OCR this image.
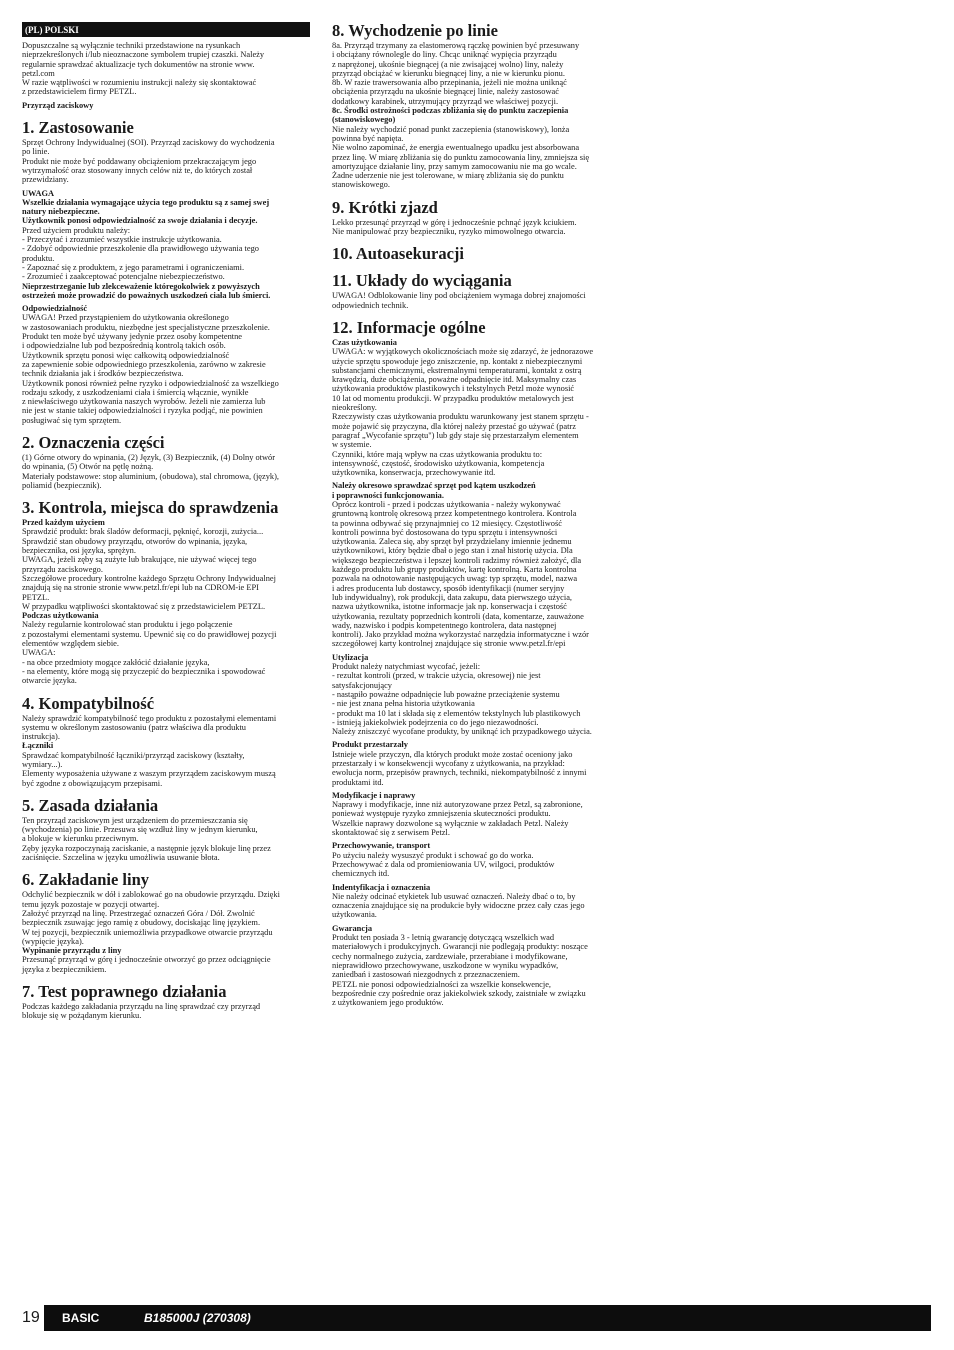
(PL) POLSKI
Dopuszczalne są wyłącznie techniki przedstawione na rysunkach
nieprzekreślonych i/lub nieoznaczone symbolem trupiej czaszki. Należy
regularnie sprawdzać aktualizacje tych dokumentów na stronie www.
petzl.com
W razie wątpliwości w rozumieniu instrukcji należy się skontaktować
z przedstawicielem firmy PETZL.
Przyrząd zaciskowy
1. Zastosowanie
Sprzęt Ochrony Indywidualnej (SOI). Przyrząd zaciskowy do wychodzenia
po linie.
Produkt nie może być poddawany obciążeniom przekraczającym jego
wytrzymałość oraz stosowany innych celów niż te, do których został
przewidziany.
UWAGA
Wszelkie działania wymagające użycia tego produktu są z samej swej
natury niebezpieczne.
Użytkownik ponosi odpowiedzialność za swoje działania i decyzje.
Przed użyciem produktu należy:
- Przeczytać i zrozumieć wszystkie instrukcje użytkowania.
- Zdobyć odpowiednie przeszkolenie dla prawidłowego używania tego
produktu.
- Zapoznać się z produktem, z jego parametrami i ograniczeniami.
- Zrozumieć i zaakceptować potencjalne niebezpieczeństwo.
Nieprzestrzeganie lub zlekceważenie któregokolwiek z powyższych
ostrzeżeń może prowadzić do poważnych uszkodzeń ciała lub śmierci.
Odpowiedzialność
UWAGA! Przed przystąpieniem do użytkowania określonego
w zastosowaniach produktu, niezbędne jest specjalistyczne przeszkolenie.
Produkt ten może być używany jedynie przez osoby kompetentne
i odpowiedzialne lub pod bezpośrednią kontrolą takich osób.
Użytkownik sprzętu ponosi więc całkowitą odpowiedzialność
za zapewnienie sobie odpowiedniego przeszkolenia, zarówno w zakresie
technik działania jak i środków bezpieczeństwa.
Użytkownik ponosi również pełne ryzyko i odpowiedzialność za wszelkiego
rodzaju szkody, z uszkodzeniami ciała i śmiercią włącznie, wynikłe
z niewłaściwego użytkowania naszych wyrobów. Jeżeli nie zamierza lub
nie jest w stanie takiej odpowiedzialności i ryzyka podjąć, nie powinien
posługiwać się tym sprzętem.
2. Oznaczenia części
(1) Górne otwory do wpinania, (2) Język, (3) Bezpiecznik, (4) Dolny otwór
do wpinania, (5) Otwór na pętlę nożną.
Materiały podstawowe: stop aluminium, (obudowa), stal chromowa, (język),
poliamid (bezpiecznik).
3. Kontrola, miejsca do sprawdzenia
Przed każdym użyciem
Sprawdzić produkt: brak śladów deformacji, pęknięć, korozji, zużycia...
Sprawdzić stan obudowy przyrządu, otworów do wpinania, języka,
bezpiecznika, osi języka, sprężyn.
UWAGA, jeżeli zęby są zużyte lub brakujące, nie używać więcej tego
przyrządu zaciskowego.
Szczegółowe procedury kontrolne każdego Sprzętu Ochrony Indywidualnej
znajdują się na stronie stronie www.petzl.fr/epi lub na CDROM-ie EPI
PETZL.
W przypadku wątpliwości skontaktować się z przedstawicielem PETZL.
Podczas użytkowania
Należy regularnie kontrolować stan produktu i jego połączenie
z pozostałymi elementami systemu. Upewnić się co do prawidłowej pozycji
elementów względem siebie.
UWAGA:
- na obce przedmioty mogące zakłócić działanie języka,
- na elementy, które mogą się przyczepić do bezpiecznika i spowodować
otwarcie języka.
4. Kompatybilność
Należy sprawdzić kompatybilność tego produktu z pozostałymi elementami
systemu w określonym zastosowaniu (patrz właściwa dla produktu
instrukcja).
Łączniki
Sprawdzać kompatybilność łączniki/przyrząd zaciskowy (kształty,
wymiary...).
Elementy wyposażenia używane z waszym przyrządem zaciskowym muszą
być zgodne z obowiązującym przepisami.
5. Zasada działania
Ten przyrząd zaciskowym jest urządzeniem do przemieszczania się
(wychodzenia) po linie. Przesuwa się wzdłuż liny w jednym kierunku,
a blokuje w kierunku przeciwnym.
Zęby języka rozpoczynają zaciskanie, a następnie język blokuje linę przez
zaciśnięcie. Szczelina w języku umożliwia usuwanie błota.
6. Zakładanie liny
Odchylić bezpiecznik w dół i zablokować go na obudowie przyrządu. Dzięki
temu język pozostaje w pozycji otwartej.
Założyć przyrząd na linę. Przestrzegać oznaczeń Góra / Dół. Zwolnić
bezpiecznik zsuwając jego ramię z obudowy, dociskając linę językiem.
W tej pozycji, bezpiecznik uniemożliwia przypadkowe otwarcie przyrządu
(wypięcie języka).
Wypinanie przyrządu z liny
Przesunąć przyrząd w górę i jednocześnie otworzyć go przez odciągnięcie
języka z bezpiecznikiem.
7. Test poprawnego działania
Podczas każdego zakładania przyrządu na linę sprawdzać czy przyrząd
blokuje się w pożądanym kierunku.
8. Wychodzenie po linie
8a. Przyrząd trzymany za elastomerową rączkę powinien być przesuwany
i obciążany równolegle do liny. Chcąc uniknąć wypięcia przyrządu
z naprężonej, ukośnie biegnącej (a nie zwisającej wolno) liny, należy
przyrząd obciążać w kierunku biegnącej liny, a nie w kierunku pionu.
8b. W razie trawersowania albo przepinania, jeżeli nie można uniknąć
obciążenia przyrządu na ukośnie biegnącej linie, należy zastosować
dodatkowy karabinek, utrzymujący przyrząd we właściwej pozycji.
8c. Środki ostrożności podczas zbliżania się do punktu zaczepienia
(stanowiskowego)
Nie należy wychodzić ponad punkt zaczepienia (stanowiskowy), lonża
powinna być napięta.
Nie wolno zapominać, że energia ewentualnego upadku jest absorbowana
przez linę. W miarę zbliżania się do punktu zamocowania liny, zmniejsza się
amortyzujące działanie liny, przy samym zamocowaniu nie ma go wcale.
Żadne uderzenie nie jest tolerowane, w miarę zbliżania się do punktu
stanowiskowego.
9. Krótki zjazd
Lekko przesunąć przyrząd w górę i jednocześnie pchnąć język kciukiem.
Nie manipulować przy bezpieczniku, ryzyko mimowolnego otwarcia.
10. Autoasekuracji
11. Układy do wyciągania
UWAGA! Odblokowanie liny pod obciążeniem wymaga dobrej znajomości
odpowiednich technik.
12. Informacje ogólne
Czas użytkowania
UWAGA: w wyjątkowych okolicznościach może się zdarzyć, że jednorazowe
użycie sprzętu spowoduje jego zniszczenie, np. kontakt z niebezpiecznymi
substancjami chemicznymi, ekstremalnymi temperaturami, kontakt z ostrą
krawędzią, duże obciążenia, poważne odpadnięcie itd. Maksymalny czas
użytkowania produktów plastikowych i tekstylnych Petzl może wynosić
10 lat od momentu produkcji. W przypadku produktów metalowych jest
nieokreślony.
Rzeczywisty czas użytkowania produktu warunkowany jest stanem sprzętu -
może pojawić się przyczyna, dla której należy przestać go używać (patrz
paragraf „Wycofanie sprzętu") lub gdy staje się przestarzałym elementem
w systemie.
Czynniki, które mają wpływ na czas użytkowania produktu to:
intensywność, częstość, środowisko użytkowania, kompetencja
użytkownika, konserwacja, przechowywanie itd.
Należy okresowo sprawdzać sprzęt pod kątem uszkodzeń
i poprawności funkcjonowania.
Oprócz kontroli - przed i podczas użytkowania - należy wykonywać
gruntowną kontrolę okresową przez kompetentnego kontrolera. Kontrola
ta powinna odbywać się przynajmniej co 12 miesięcy. Częstotliwość
kontroli powinna być dostosowana do typu sprzętu i intensywności
użytkowania. Zaleca się, aby sprzęt był przydzielany imiennie jednemu
użytkownikowi, który będzie dbał o jego stan i znał historię użycia. Dla
większego bezpieczeństwa i lepszej kontroli radzimy również założyć, dla
każdego produktu lub grupy produktów, kartę kontrolną. Karta kontrolna
pozwala na odnotowanie następujących uwag: typ sprzętu, model, nazwa
i adres producenta lub dostawcy, sposób identyfikacji (numer seryjny
lub indywidualny), rok produkcji, data zakupu, data pierwszego użycia,
nazwa użytkownika, istotne informacje jak np. konserwacja i częstość
użytkowania, rezultaty poprzednich kontroli (data, komentarze, zauważone
wady, nazwisko i podpis kompetentnego kontrolera, data następnej
kontroli). Jako przykład można wykorzystać narzędzia informatyczne i wzór
szczegółowej karty kontrolnej znajdujące się stronie www.petzl.fr/epi
Utylizacja
Produkt należy natychmiast wycofać, jeżeli:
- rezultat kontroli (przed, w trakcie użycia, okresowej) nie jest
satysfakcjonujący
- nastąpiło poważne odpadnięcie lub poważne przeciążenie systemu
- nie jest znana pełna historia użytkowania
- produkt ma 10 lat i składa się z elementów tekstylnych lub plastikowych
- istnieją jakiekolwiek podejrzenia co do jego niezawodności.
Należy zniszczyć wycofane produkty, by uniknąć ich przypadkowego użycia.
Produkt przestarzały
Istnieje wiele przyczyn, dla których produkt może zostać oceniony jako
przestarzały i w konsekwencji wycofany z użytkowania, na przykład:
ewolucja norm, przepisów prawnych, techniki, niekompatybilność z innymi
produktami itd.
Modyfikacje i naprawy
Naprawy i modyfikacje, inne niż autoryzowane przez Petzl, są zabronione,
ponieważ występuje ryzyko zmniejszenia skuteczności produktu.
Wszelkie naprawy dozwolone są wyłącznie w zakładach Petzl. Należy
skontaktować się z serwisem Petzl.
Przechowywanie, transport
Po użyciu należy wysuszyć produkt i schować go do worka.
Przechowywać z dala od promieniowania UV, wilgoci, produktów
chemicznych itd.
Indentyfikacja i oznaczenia
Nie należy odcinać etykietek lub usuwać oznaczeń. Należy dbać o to, by
oznaczenia znajdujące się na produkcie były widoczne przez cały czas jego
użytkowania.
Gwarancja
Produkt ten posiada 3 - letnią gwarancję dotyczącą wszelkich wad
materiałowych i produkcyjnych. Gwarancji nie podlegają produkty: noszące
cechy normalnego zużycia, zardzewiałe, przerabiane i modyfikowane,
nieprawidłowo przechowywane, uszkodzone w wyniku wypadków,
zaniedbań i zastosowań niezgodnych z przeznaczeniem.
PETZL nie ponosi odpowiedzialności za wszelkie konsekwencje,
bezpośrednie czy pośrednie oraz jakiekolwiek szkody, zaistniałe w związku
z użytkowaniem jego produktów.
19 BASIC	B185000J (270308)
